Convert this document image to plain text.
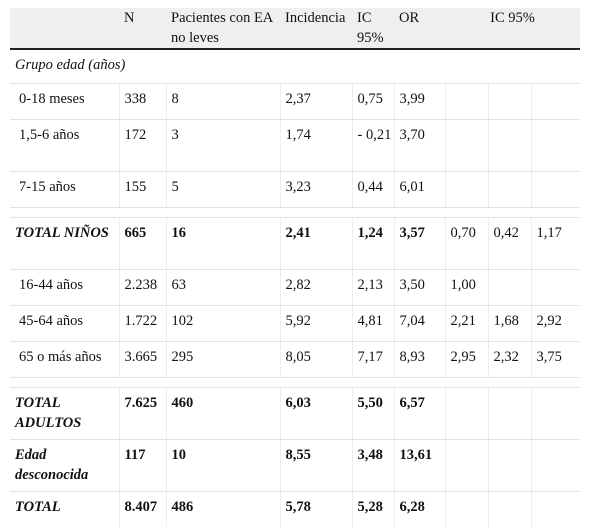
	N	Pacientes con EA no leves	Incidencia	IC 95%	OR	IC 95%		
Grupo edad (años)								
0-18 meses	338	8	2,37	0,75	3,99			
1,5-6 años	172	3	1,74	- 0,21	3,70			
7-15 años	155	5	3,23	0,44	6,01			

TOTAL NIÑOS	665	16	2,41	1,24	3,57	0,70	0,42	1,17
16-44 años	2.238	63	2,82	2,13	3,50	1,00		
45-64 años	1.722	102	5,92	4,81	7,04	2,21	1,68	2,92
65 o más años	3.665	295	8,05	7,17	8,93	2,95	2,32	3,75

TOTAL ADULTOS	7.625	460	6,03	5,50	6,57			
Edad desconocida	117	10	8,55	3,48	13,61			
TOTAL	8.407	486	5,78	5,28	6,28			
